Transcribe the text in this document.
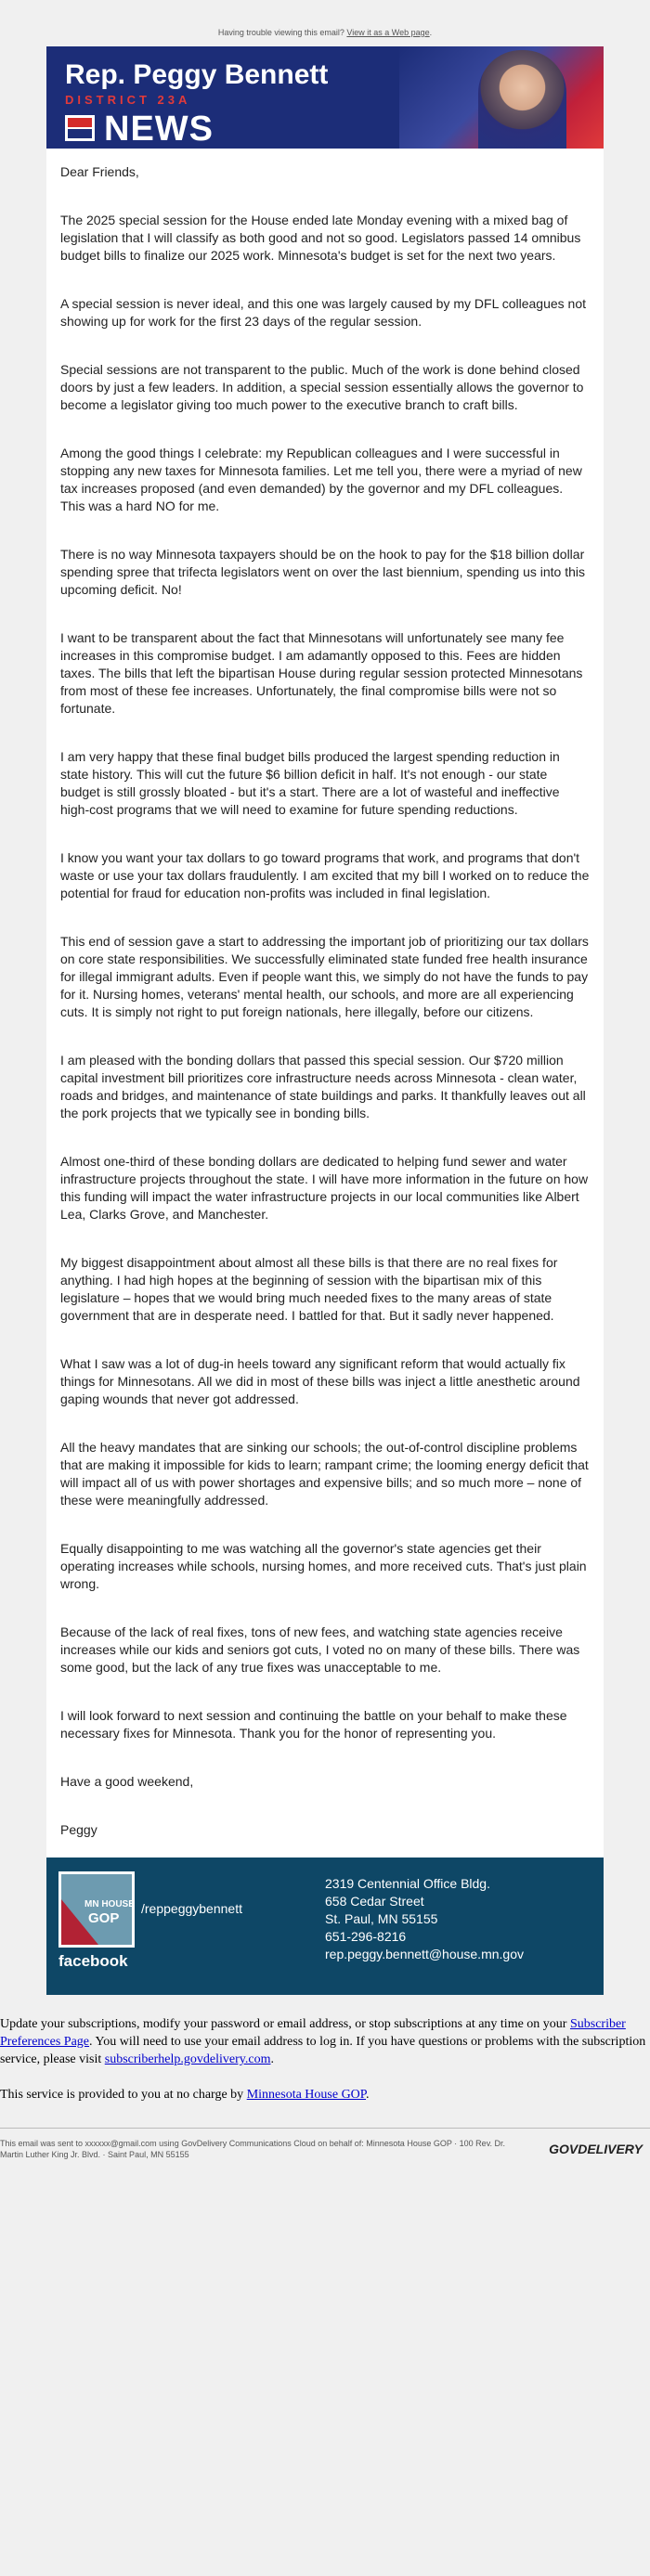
Having trouble viewing this email? View it as a Web page.
Rep. Peggy Bennett
DISTRICT 23A
NEWS

Dear Friends,

The 2025 special session for the House ended late Monday evening with a mixed bag of legislation that I will classify as both good and not so good. Legislators passed 14 omnibus budget bills to finalize our 2025 work. Minnesota's budget is set for the next two years.

A special session is never ideal, and this one was largely caused by my DFL colleagues not showing up for work for the first 23 days of the regular session.

Special sessions are not transparent to the public. Much of the work is done behind closed doors by just a few leaders. In addition, a special session essentially allows the governor to become a legislator giving too much power to the executive branch to craft bills.

Among the good things I celebrate: my Republican colleagues and I were successful in stopping any new taxes for Minnesota families. Let me tell you, there were a myriad of new tax increases proposed (and even demanded) by the governor and my DFL colleagues. This was a hard NO for me.

There is no way Minnesota taxpayers should be on the hook to pay for the $18 billion dollar spending spree that trifecta legislators went on over the last biennium, spending us into this upcoming deficit. No!

I want to be transparent about the fact that Minnesotans will unfortunately see many fee increases in this compromise budget. I am adamantly opposed to this. Fees are hidden taxes. The bills that left the bipartisan House during regular session protected Minnesotans from most of these fee increases. Unfortunately, the final compromise bills were not so fortunate.

I am very happy that these final budget bills produced the largest spending reduction in state history. This will cut the future $6 billion deficit in half. It's not enough - our state budget is still grossly bloated - but it's a start. There are a lot of wasteful and ineffective high-cost programs that we will need to examine for future spending reductions.

I know you want your tax dollars to go toward programs that work, and programs that don't waste or use your tax dollars fraudulently. I am excited that my bill I worked on to reduce the potential for fraud for education non-profits was included in final legislation.

This end of session gave a start to addressing the important job of prioritizing our tax dollars on core state responsibilities. We successfully eliminated state funded free health insurance for illegal immigrant adults. Even if people want this, we simply do not have the funds to pay for it. Nursing homes, veterans' mental health, our schools, and more are all experiencing cuts. It is simply not right to put foreign nationals, here illegally, before our citizens.

I am pleased with the bonding dollars that passed this special session. Our $720 million capital investment bill prioritizes core infrastructure needs across Minnesota - clean water, roads and bridges, and maintenance of state buildings and parks. It thankfully leaves out all the pork projects that we typically see in bonding bills.

Almost one-third of these bonding dollars are dedicated to helping fund sewer and water infrastructure projects throughout the state. I will have more information in the future on how this funding will impact the water infrastructure projects in our local communities like Albert Lea, Clarks Grove, and Manchester.

My biggest disappointment about almost all these bills is that there are no real fixes for anything. I had high hopes at the beginning of session with the bipartisan mix of this legislature – hopes that we would bring much needed fixes to the many areas of state government that are in desperate need. I battled for that. But it sadly never happened.

What I saw was a lot of dug-in heels toward any significant reform that would actually fix things for Minnesotans. All we did in most of these bills was inject a little anesthetic around gaping wounds that never got addressed.

All the heavy mandates that are sinking our schools; the out-of-control discipline problems that are making it impossible for kids to learn; rampant crime; the looming energy deficit that will impact all of us with power shortages and expensive bills; and so much more – none of these were meaningfully addressed.

Equally disappointing to me was watching all the governor's state agencies get their operating increases while schools, nursing homes, and more received cuts. That's just plain wrong.

Because of the lack of real fixes, tons of new fees, and watching state agencies receive increases while our kids and seniors got cuts, I voted no on many of these bills. There was some good, but the lack of any true fixes was unacceptable to me.

I will look forward to next session and continuing the battle on your behalf to make these necessary fixes for Minnesota. Thank you for the honor of representing you.

Have a good weekend,

Peggy

MN HOUSE
GOP
facebook
/reppeggybennett
2319 Centennial Office Bldg.
658 Cedar Street
St. Paul, MN 55155
651-296-8216
rep.peggy.bennett@house.mn.gov

Update your subscriptions, modify your password or email address, or stop subscriptions at any time on your Subscriber Preferences Page. You will need to use your email address to log in. If you have questions or problems with the subscription service, please visit subscriberhelp.govdelivery.com.

This service is provided to you at no charge by Minnesota House GOP.

This email was sent to xxxxxx@gmail.com using GovDelivery Communications Cloud on behalf of: Minnesota House GOP · 100 Rev. Dr. Martin Luther King Jr. Blvd. · Saint Paul, MN 55155	GOVDELIVERY
